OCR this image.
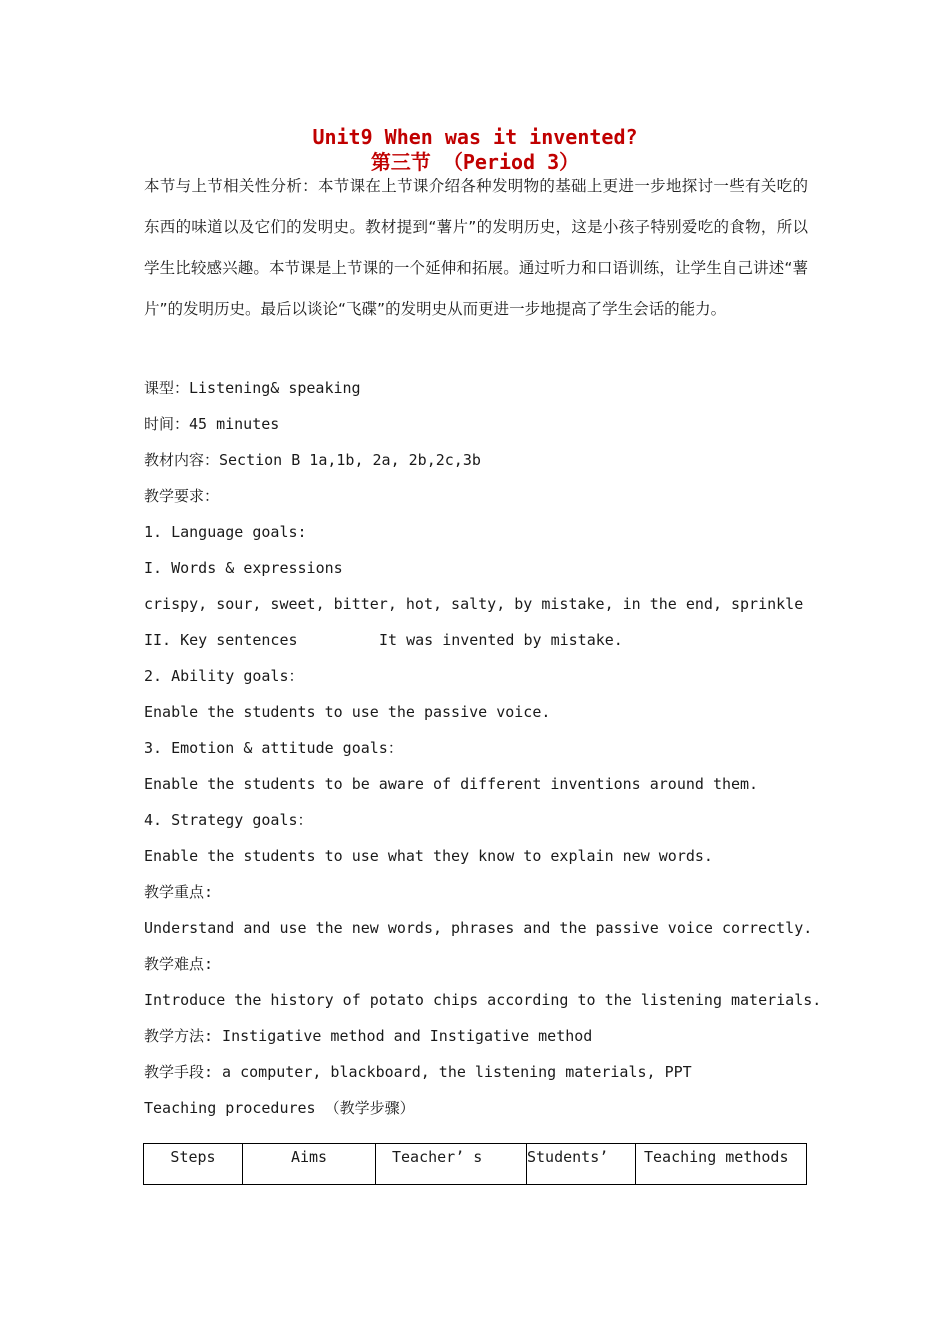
Unit9 When was it invented?
第三节 （Period 3）
本节与上节相关性分析：本节课在上节课介绍各种发明物的基础上更进一步地探讨一些有关吃的东西的味道以及它们的发明史。教材提到“薯片”的发明历史，这是小孩子特别爱吃的食物，所以学生比较感兴趣。本节课是上节课的一个延伸和拓展。通过听力和口语训练，让学生自己讲述“薯片”的发明历史。最后以谈论“飞碟”的发明史从而更进一步地提高了学生会话的能力。
课型：Listening& speaking
时间：45 minutes
教材内容：Section B 1a,1b, 2a, 2b,2c,3b
教学要求：
1. Language goals:
I. Words & expressions
crispy, sour, sweet, bitter, hot, salty, by mistake, in the end, sprinkle
II. Key sentences	It was invented by mistake.
2. Ability goals：
Enable the students to use the passive voice.
3. Emotion & attitude goals：
Enable the students to be aware of different inventions around them.
4. Strategy goals：
Enable the students to use what they know to explain new words.
教学重点:
Understand and use the new words, phrases and the passive voice correctly.
教学难点:
Introduce the history of potato chips according to the listening materials.
教学方法: Instigative method and Instigative method
教学手段: a computer, blackboard, the listening materials, PPT
Teaching procedures （教学步骤）
Steps	Aims	Teacher’ s	Students’	Teaching methods
